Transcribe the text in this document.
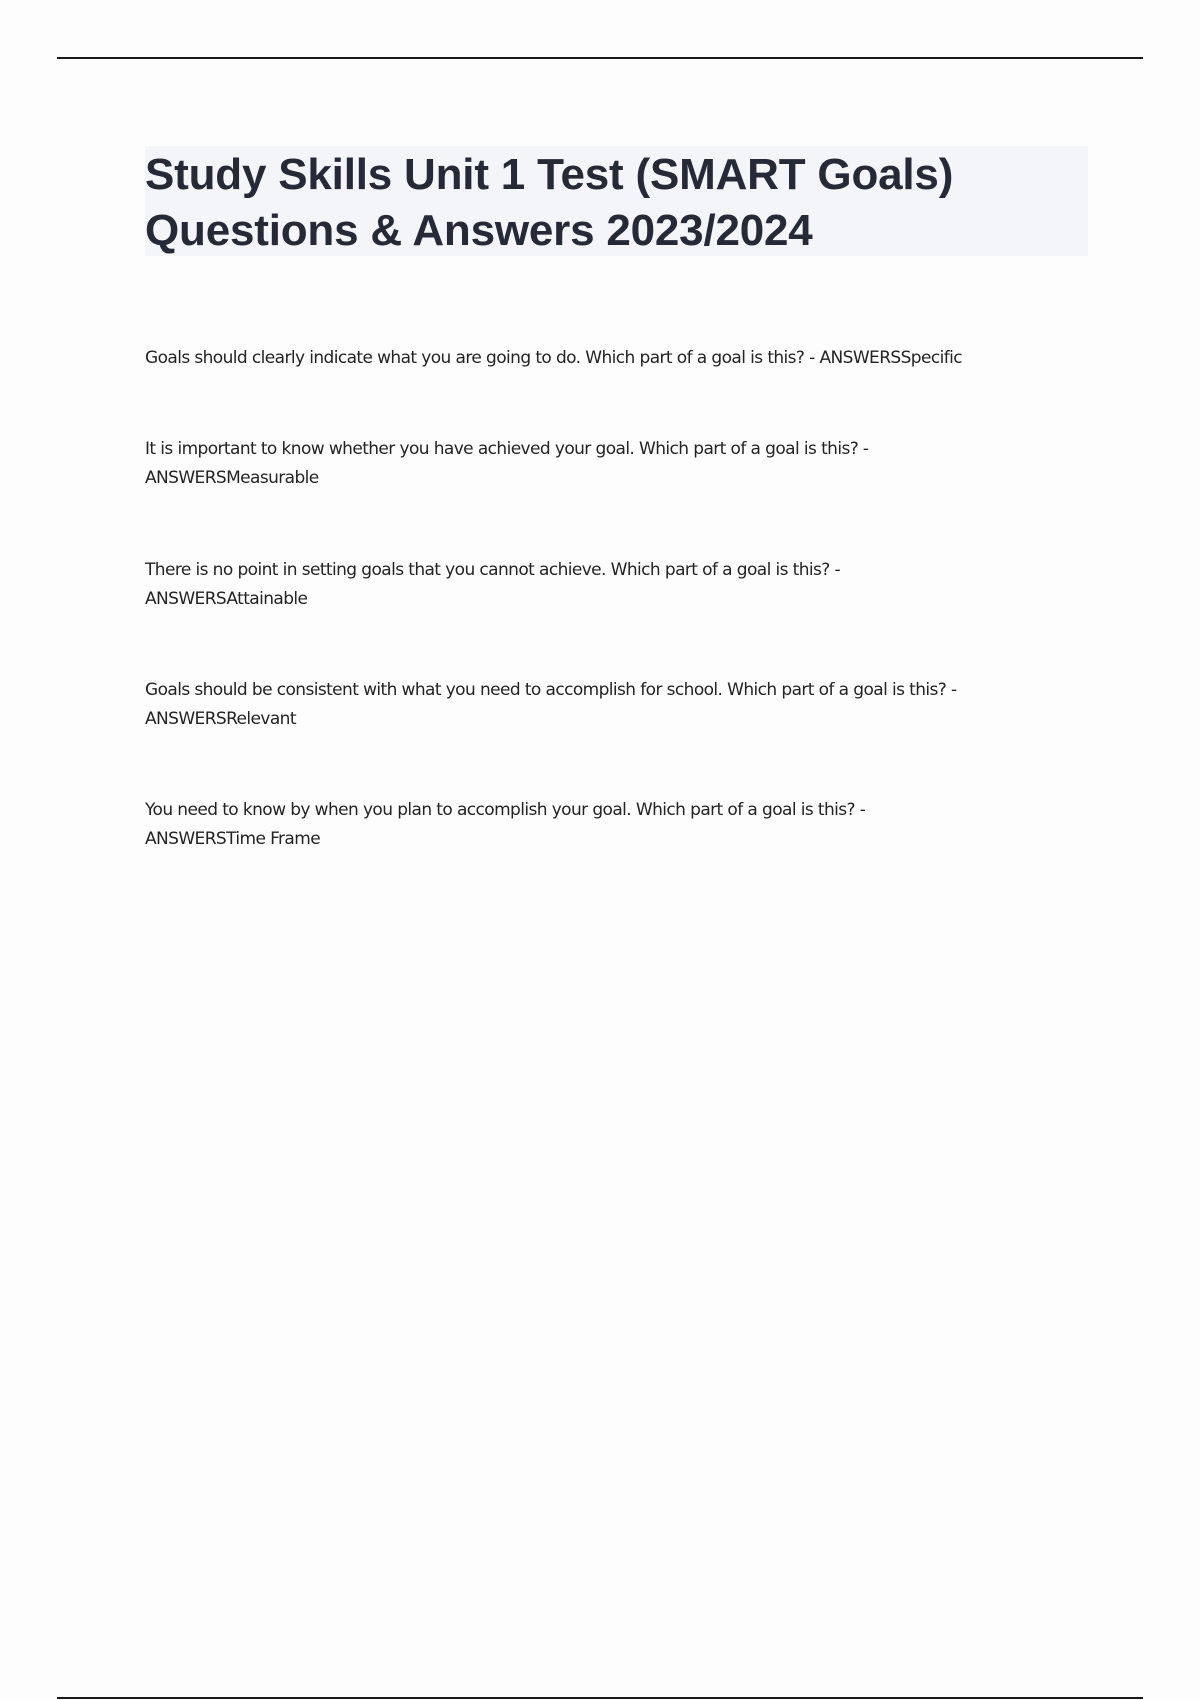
Study Skills Unit 1 Test (SMART Goals)
Questions & Answers 2023/2024

Goals should clearly indicate what you are going to do. Which part of a goal is this? - ANSWERSSpecific

It is important to know whether you have achieved your goal. Which part of a goal is this? -
ANSWERSMeasurable

There is no point in setting goals that you cannot achieve. Which part of a goal is this? -
ANSWERSAttainable

Goals should be consistent with what you need to accomplish for school. Which part of a goal is this? -
ANSWERSRelevant

You need to know by when you plan to accomplish your goal. Which part of a goal is this? -
ANSWERSTime Frame
